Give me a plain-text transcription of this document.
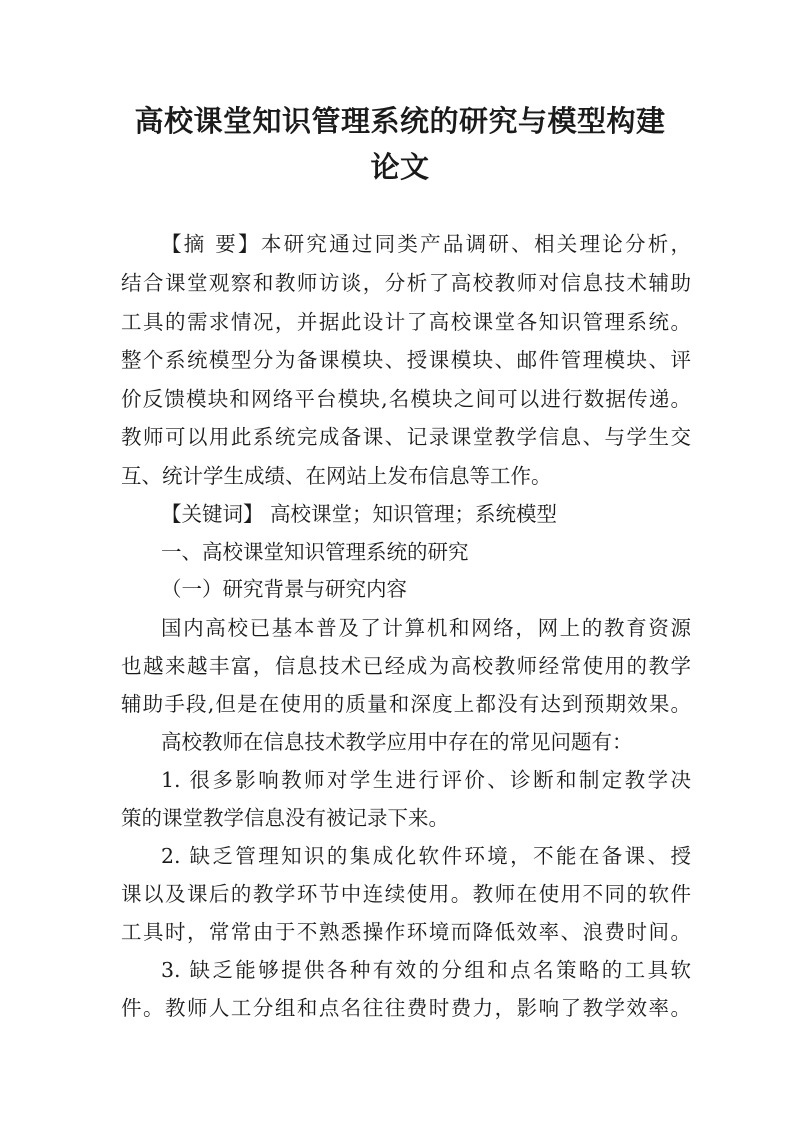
高校课堂知识管理系统的研究与模型构建
论文

【摘 要】本研究通过同类产品调研、相关理论分析，

结合课堂观察和教师访谈，分析了高校教师对信息技术辅助

工具的需求情况，并据此设计了高校课堂各知识管理系统。

整个系统模型分为备课模块、授课模块、邮件管理模块、评

价反馈模块和网络平台模块,名模块之间可以进行数据传递。

教师可以用此系统完成备课、记录课堂教学信息、与学生交

互、统计学生成绩、在网站上发布信息等工作。

【关键词】 高校课堂；知识管理；系统模型

一、高校课堂知识管理系统的研究

（一）研究背景与研究内容

国内高校已基本普及了计算机和网络，网上的教育资源

也越来越丰富，信息技术已经成为高校教师经常使用的教学

辅助手段,但是在使用的质量和深度上都没有达到预期效果。

高校教师在信息技术教学应用中存在的常见问题有：

1. 很多影响教师对学生进行评价、诊断和制定教学决

策的课堂教学信息没有被记录下来。

2. 缺乏管理知识的集成化软件环境，不能在备课、授

课以及课后的教学环节中连续使用。教师在使用不同的软件

工具时，常常由于不熟悉操作环境而降低效率、浪费时间。

3. 缺乏能够提供各种有效的分组和点名策略的工具软

件。教师人工分组和点名往往费时费力，影响了教学效率。
